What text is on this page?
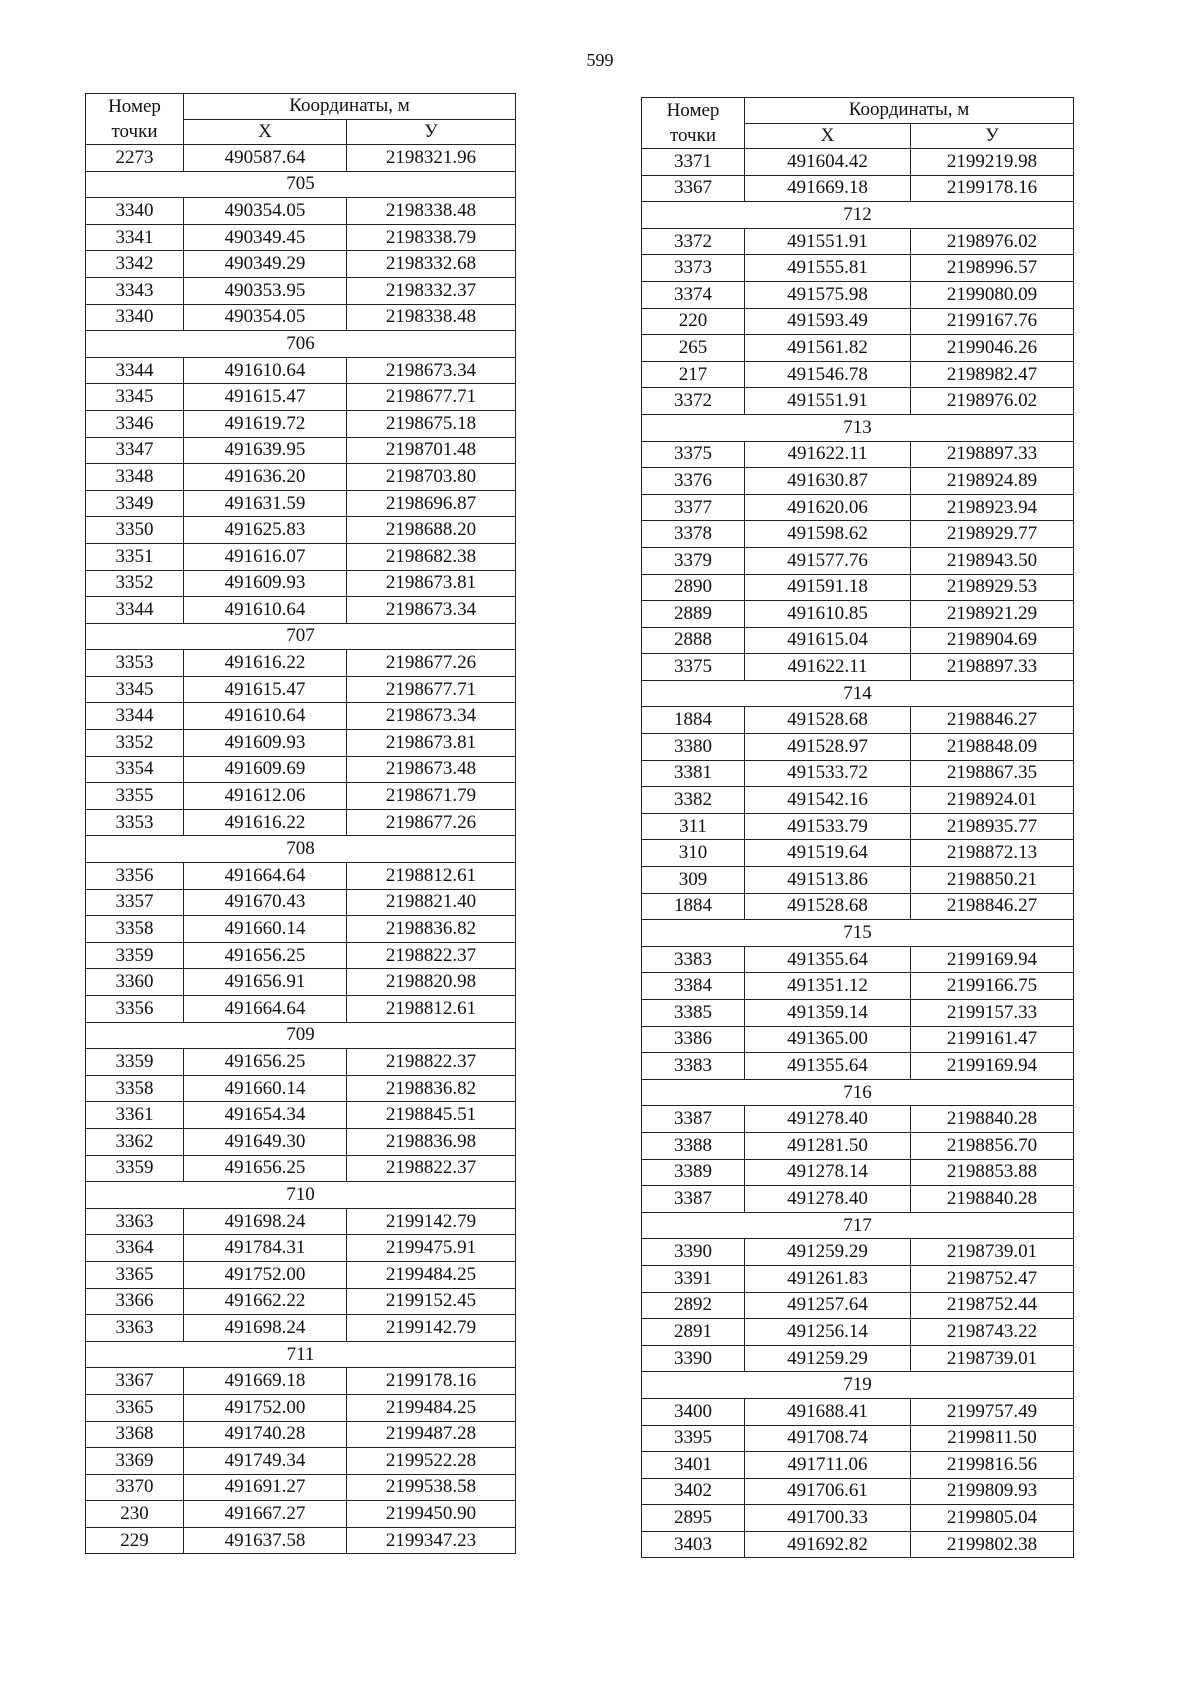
599
Номер
точки	Координаты, м	
	X	У
2273	490587.64	2198321.96
705		
3340	490354.05	2198338.48
3341	490349.45	2198338.79
3342	490349.29	2198332.68
3343	490353.95	2198332.37
3340	490354.05	2198338.48
706		
3344	491610.64	2198673.34
3345	491615.47	2198677.71
3346	491619.72	2198675.18
3347	491639.95	2198701.48
3348	491636.20	2198703.80
3349	491631.59	2198696.87
3350	491625.83	2198688.20
3351	491616.07	2198682.38
3352	491609.93	2198673.81
3344	491610.64	2198673.34
707		
3353	491616.22	2198677.26
3345	491615.47	2198677.71
3344	491610.64	2198673.34
3352	491609.93	2198673.81
3354	491609.69	2198673.48
3355	491612.06	2198671.79
3353	491616.22	2198677.26
708		
3356	491664.64	2198812.61
3357	491670.43	2198821.40
3358	491660.14	2198836.82
3359	491656.25	2198822.37
3360	491656.91	2198820.98
3356	491664.64	2198812.61
709		
3359	491656.25	2198822.37
3358	491660.14	2198836.82
3361	491654.34	2198845.51
3362	491649.30	2198836.98
3359	491656.25	2198822.37
710		
3363	491698.24	2199142.79
3364	491784.31	2199475.91
3365	491752.00	2199484.25
3366	491662.22	2199152.45
3363	491698.24	2199142.79
711		
3367	491669.18	2199178.16
3365	491752.00	2199484.25
3368	491740.28	2199487.28
3369	491749.34	2199522.28
3370	491691.27	2199538.58
230	491667.27	2199450.90
229	491637.58	2199347.23
Номер
точки	Координаты, м	
	X	У
3371	491604.42	2199219.98
3367	491669.18	2199178.16
712		
3372	491551.91	2198976.02
3373	491555.81	2198996.57
3374	491575.98	2199080.09
220	491593.49	2199167.76
265	491561.82	2199046.26
217	491546.78	2198982.47
3372	491551.91	2198976.02
713		
3375	491622.11	2198897.33
3376	491630.87	2198924.89
3377	491620.06	2198923.94
3378	491598.62	2198929.77
3379	491577.76	2198943.50
2890	491591.18	2198929.53
2889	491610.85	2198921.29
2888	491615.04	2198904.69
3375	491622.11	2198897.33
714		
1884	491528.68	2198846.27
3380	491528.97	2198848.09
3381	491533.72	2198867.35
3382	491542.16	2198924.01
311	491533.79	2198935.77
310	491519.64	2198872.13
309	491513.86	2198850.21
1884	491528.68	2198846.27
715		
3383	491355.64	2199169.94
3384	491351.12	2199166.75
3385	491359.14	2199157.33
3386	491365.00	2199161.47
3383	491355.64	2199169.94
716		
3387	491278.40	2198840.28
3388	491281.50	2198856.70
3389	491278.14	2198853.88
3387	491278.40	2198840.28
717		
3390	491259.29	2198739.01
3391	491261.83	2198752.47
2892	491257.64	2198752.44
2891	491256.14	2198743.22
3390	491259.29	2198739.01
719		
3400	491688.41	2199757.49
3395	491708.74	2199811.50
3401	491711.06	2199816.56
3402	491706.61	2199809.93
2895	491700.33	2199805.04
3403	491692.82	2199802.38
